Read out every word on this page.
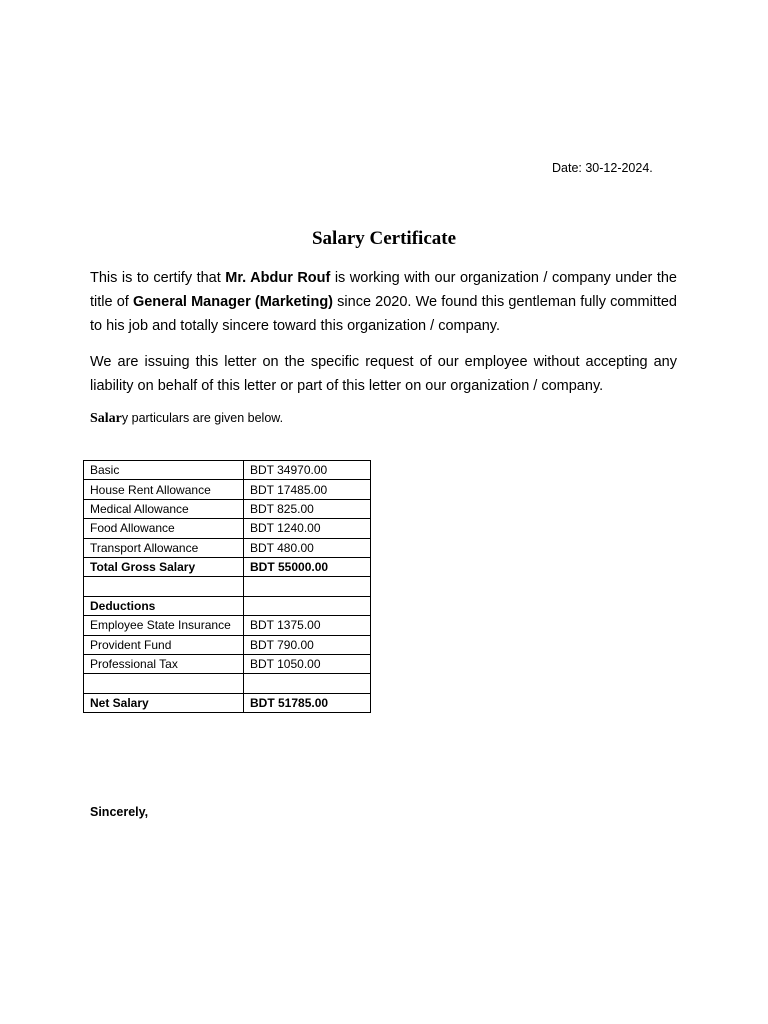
Date: 30-12-2024.
Salary Certificate
This is to certify that Mr. Abdur Rouf is working with our organization / company under the title of General Manager (Marketing) since 2020. We found this gentleman fully committed to his job and totally sincere toward this organization / company.
We are issuing this letter on the specific request of our employee without accepting any liability on behalf of this letter or part of this letter on our organization / company.
Salary particulars are given below.
Basic	BDT 34970.00
House Rent Allowance	BDT 17485.00
Medical Allowance	BDT 825.00
Food Allowance	BDT 1240.00
Transport Allowance	BDT 480.00
Total Gross Salary	BDT 55000.00

Deductions	
Employee State Insurance	BDT 1375.00
Provident Fund	BDT 790.00
Professional Tax	BDT 1050.00

Net Salary	BDT 51785.00
Sincerely,
